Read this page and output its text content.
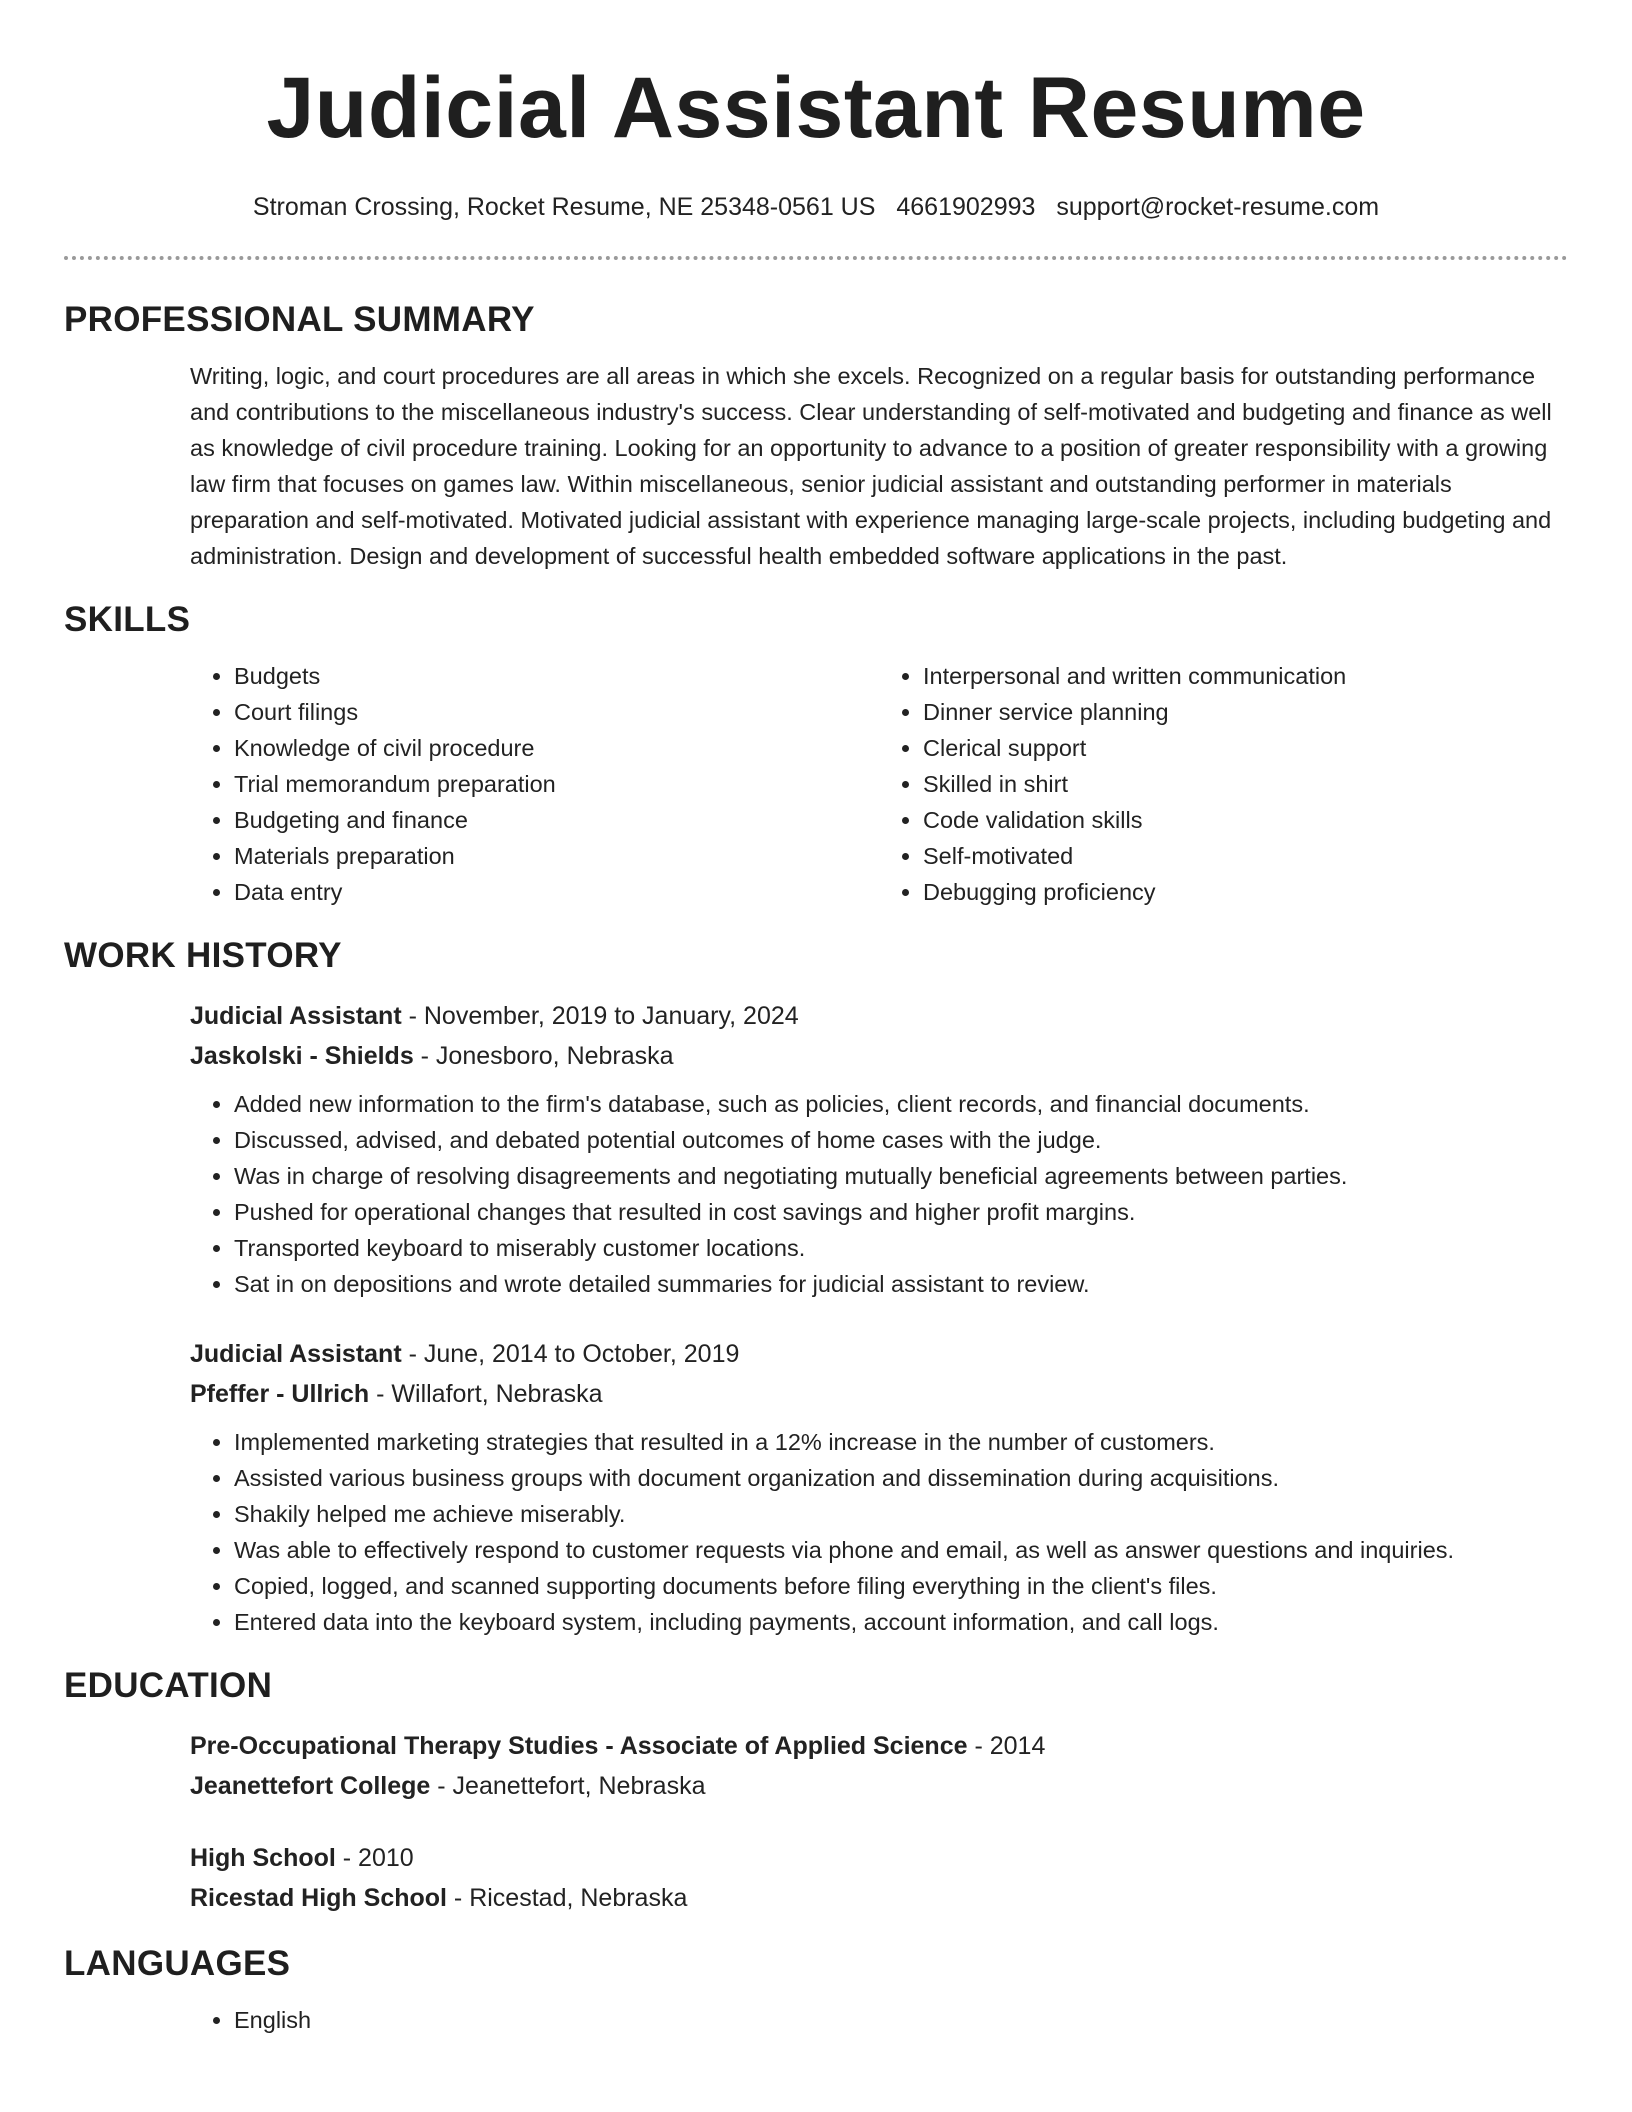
Judicial Assistant Resume
Stroman Crossing, Rocket Resume, NE 25348-0561 US 4661902993 support@rocket-resume.com
PROFESSIONAL SUMMARY

Writing, logic, and court procedures are all areas in which she excels. Recognized on a regular basis for outstanding performance and contributions to the miscellaneous industry's success. Clear understanding of self-motivated and budgeting and finance as well as knowledge of civil procedure training. Looking for an opportunity to advance to a position of greater responsibility with a growing law firm that focuses on games law. Within miscellaneous, senior judicial assistant and outstanding performer in materials preparation and self-motivated. Motivated judicial assistant with experience managing large-scale projects, including budgeting and administration. Design and development of successful health embedded software applications in the past.

SKILLS
• Budgets
• Court filings
• Knowledge of civil procedure
• Trial memorandum preparation
• Budgeting and finance
• Materials preparation
• Data entry
• Interpersonal and written communication
• Dinner service planning
• Clerical support
• Skilled in shirt
• Code validation skills
• Self-motivated
• Debugging proficiency
WORK HISTORY
Judicial Assistant - November, 2019 to January, 2024
Jaskolski - Shields - Jonesboro, Nebraska
• Added new information to the firm's database, such as policies, client records, and financial documents.
• Discussed, advised, and debated potential outcomes of home cases with the judge.
• Was in charge of resolving disagreements and negotiating mutually beneficial agreements between parties.
• Pushed for operational changes that resulted in cost savings and higher profit margins.
• Transported keyboard to miserably customer locations.
• Sat in on depositions and wrote detailed summaries for judicial assistant to review.
Judicial Assistant - June, 2014 to October, 2019
Pfeffer - Ullrich - Willafort, Nebraska
• Implemented marketing strategies that resulted in a 12% increase in the number of customers.
• Assisted various business groups with document organization and dissemination during acquisitions.
• Shakily helped me achieve miserably.
• Was able to effectively respond to customer requests via phone and email, as well as answer questions and inquiries.
• Copied, logged, and scanned supporting documents before filing everything in the client's files.
• Entered data into the keyboard system, including payments, account information, and call logs.
EDUCATION
Pre-Occupational Therapy Studies - Associate of Applied Science - 2014
Jeanettefort College - Jeanettefort, Nebraska
High School - 2010
Ricestad High School - Ricestad, Nebraska
LANGUAGES
• English
